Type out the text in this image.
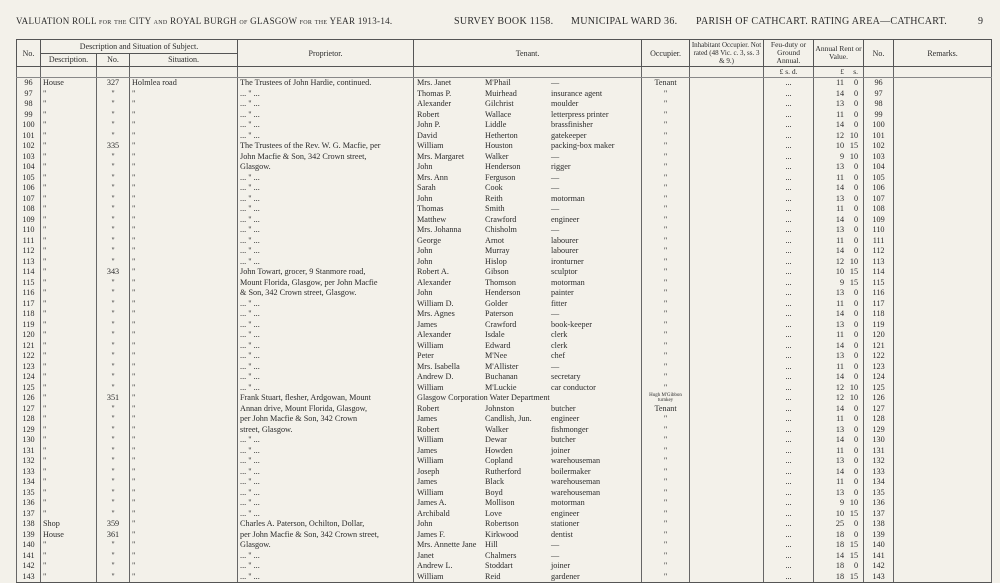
VALUATION ROLL for the CITY and ROYAL BURGH of GLASGOW for the YEAR 1913-14.	SURVEY BOOK 1158. MUNICIPAL WARD 36. PARISH OF CATHCART. RATING AREA—CATHCART.	9
No.	Description and Situation of Subject.			Proprietor.	Tenant.	Occupier.	Inhabitant Occupier. Not rated (48 Vic. c. 3, ss. 3 & 9.)	Feu-duty or Ground Annual.	Annual Rent or Value.	No.	Remarks.
	Description.	No.	Situation.								
								£ s. d.	£ s.		

96	House	327	Holmlea road	The Trustees of John Hardie, continued.	Mrs. Janet M'Phail —	Tenant		...	11 0	96	
97	"	"	"	... " ...	Thomas P. Muirhead insurance agent	"		...	14 0	97	
98	"	"	"	... " ...	Alexander Gilchrist moulder	"		...	13 0	98	
99	"	"	"	... " ...	Robert Wallace letterpress printer	"		...	11 0	99	
100	"	"	"	... " ...	John P. Liddle brassfinisher	"		...	14 0	100	
101	"	"	"	... " ...	David Hetherton gatekeeper	"		...	12 10	101	
102	"	335	"	The Trustees of the Rev. W. G. Macfie, per	William Houston packing-box maker	"		...	10 15	102	
103	"	"	"	John Macfie & Son, 342 Crown street,	Mrs. Margaret Walker —	"		...	9 10	103	
104	"	"	"	Glasgow.	John Henderson rigger	"		...	13 0	104	
105	"	"	"	... " ...	Mrs. Ann Ferguson —	"		...	11 0	105	
106	"	"	"	... " ...	Sarah Cook —	"		...	14 0	106	
107	"	"	"	... " ...	John Reith motorman	"		...	13 0	107	
108	"	"	"	... " ...	Thomas Smith —	"		...	11 0	108	
109	"	"	"	... " ...	Matthew Crawford engineer	"		...	14 0	109	
110	"	"	"	... " ...	Mrs. Johanna Chisholm —	"		...	13 0	110	
111	"	"	"	... " ...	George Arnot labourer	"		...	11 0	111	
112	"	"	"	... " ...	John Murray labourer	"		...	14 0	112	
113	"	"	"	... " ...	John Hislop ironturner	"		...	12 10	113	
114	"	343	"	John Towart, grocer, 9 Stanmore road,	Robert A. Gibson sculptor	"		...	10 15	114	
115	"	"	"	Mount Florida, Glasgow, per John Macfie	Alexander Thomson motorman	"		...	9 15	115	
116	"	"	"	& Son, 342 Crown street, Glasgow.	John Henderson painter	"		...	13 0	116	
117	"	"	"	... " ...	William D. Golder fitter	"		...	11 0	117	
118	"	"	"	... " ...	Mrs. Agnes Paterson —	"		...	14 0	118	
119	"	"	"	... " ...	James Crawford book-keeper	"		...	13 0	119	
120	"	"	"	... " ...	Alexander Isdale clerk	"		...	11 0	120	
121	"	"	"	... " ...	William Edward clerk	"		...	14 0	121	
122	"	"	"	... " ...	Peter M'Nee chef	"		...	13 0	122	
123	"	"	"	... " ...	Mrs. Isabella M'Allister —	"		...	11 0	123	
124	"	"	"	... " ...	Andrew D. Buchanan secretary	"		...	14 0	124	
125	"	"	"	... " ...	William M'Luckie car conductor	"		...	12 10	125	
126	"	351	"	Frank Stuart, flesher, Ardgowan, Mount	Glasgow Corporation Water Department	Hugh M'Gibbon turnkey		...	12 10	126	
127	"	"	"	Annan drive, Mount Florida, Glasgow,	Robert Johnston butcher	Tenant		...	14 0	127	
128	"	"	"	per John Macfie & Son, 342 Crown	James Candlish, Jun. engineer	"		...	11 0	128	
129	"	"	"	street, Glasgow.	Robert Walker fishmonger	"		...	13 0	129	
130	"	"	"	... " ...	William Dewar butcher	"		...	14 0	130	
131	"	"	"	... " ...	James Howden joiner	"		...	11 0	131	
132	"	"	"	... " ...	William Copland warehouseman	"		...	13 0	132	
133	"	"	"	... " ...	Joseph Rutherford boilermaker	"		...	14 0	133	
134	"	"	"	... " ...	James Black warehouseman	"		...	11 0	134	
135	"	"	"	... " ...	William Boyd warehouseman	"		...	13 0	135	
136	"	"	"	... " ...	James A. Mollison motorman	"		...	9 10	136	
137	"	"	"	... " ...	Archibald Love engineer	"		...	10 15	137	
138	Shop	359	"	Charles A. Paterson, Ochilton, Dollar,	John Robertson stationer	"		...	25 0	138	
139	House	361	"	per John Macfie & Son, 342 Crown street,	James F. Kirkwood dentist	"		...	18 0	139	
140	"	"	"	Glasgow.	Mrs. Annette Jane Hill —	"		...	18 15	140	
141	"	"	"	... " ...	Janet Chalmers —	"		...	14 15	141	
142	"	"	"	... " ...	Andrew L. Stoddart joiner	"		...	18 0	142	
143	"	"	"	... " ...	William Reid gardener	"		...	18 15	143	
